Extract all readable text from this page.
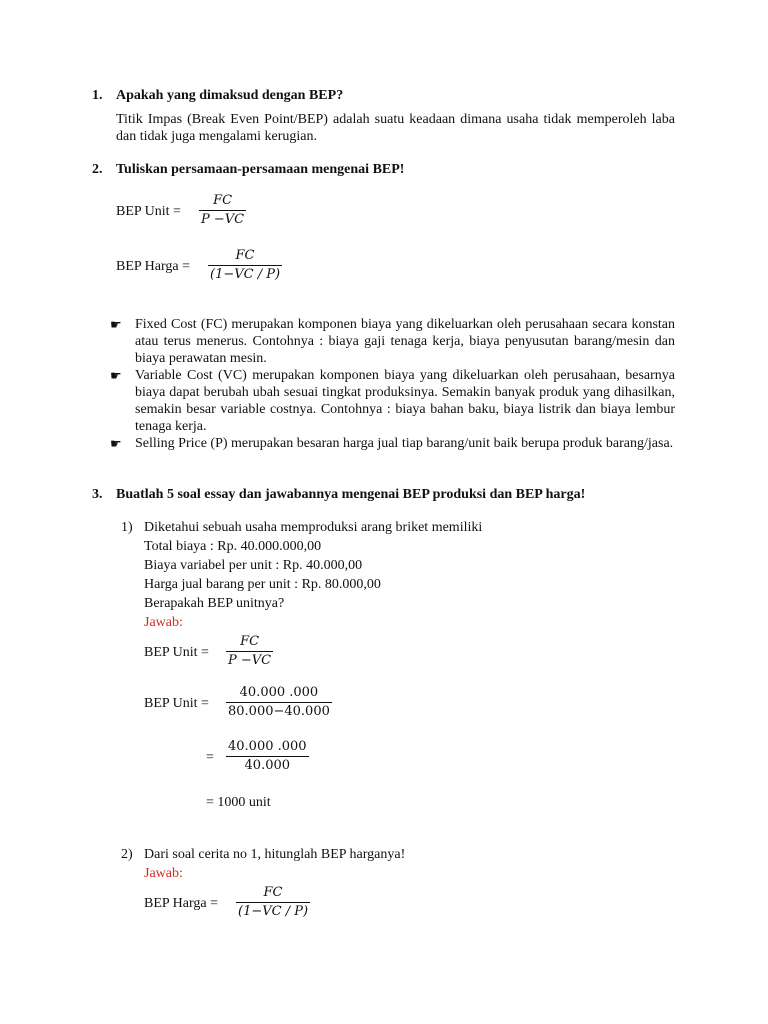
1. Apakah yang dimaksud dengan BEP?
Titik Impas (Break Even Point/BEP) adalah suatu keadaan dimana usaha tidak memperoleh laba dan tidak juga mengalami kerugian.
2. Tuliskan persamaan-persamaan mengenai BEP!
BEP Unit =
FC
P −VC
BEP Harga =
FC
(1−VC / P)
☛ Fixed Cost (FC) merupakan komponen biaya yang dikeluarkan oleh perusahaan secara konstan atau terus menerus. Contohnya : biaya gaji tenaga kerja, biaya penyusutan barang/mesin dan biaya perawatan mesin.
☛ Variable Cost (VC) merupakan komponen biaya yang dikeluarkan oleh perusahaan, besarnya biaya dapat berubah ubah sesuai tingkat produksinya. Semakin banyak produk yang dihasilkan, semakin besar variable costnya. Contohnya : biaya bahan baku, biaya listrik dan biaya lembur tenaga kerja.
☛ Selling Price (P) merupakan besaran harga jual tiap barang/unit baik berupa produk barang/jasa.
3. Buatlah 5 soal essay dan jawabannya mengenai BEP produksi dan BEP harga!
1) Diketahui sebuah usaha memproduksi arang briket memiliki
Total biaya : Rp. 40.000.000,00
Biaya variabel per unit : Rp. 40.000,00
Harga jual barang per unit : Rp. 80.000,00
Berapakah BEP unitnya?
Jawab:
BEP Unit =
FC
P −VC
BEP Unit =
40.000 .000
80.000−40.000
=
40.000 .000
40.000
= 1000 unit
2) Dari soal cerita no 1, hitunglah BEP harganya!
Jawab:
BEP Harga =
FC
(1−VC / P)
